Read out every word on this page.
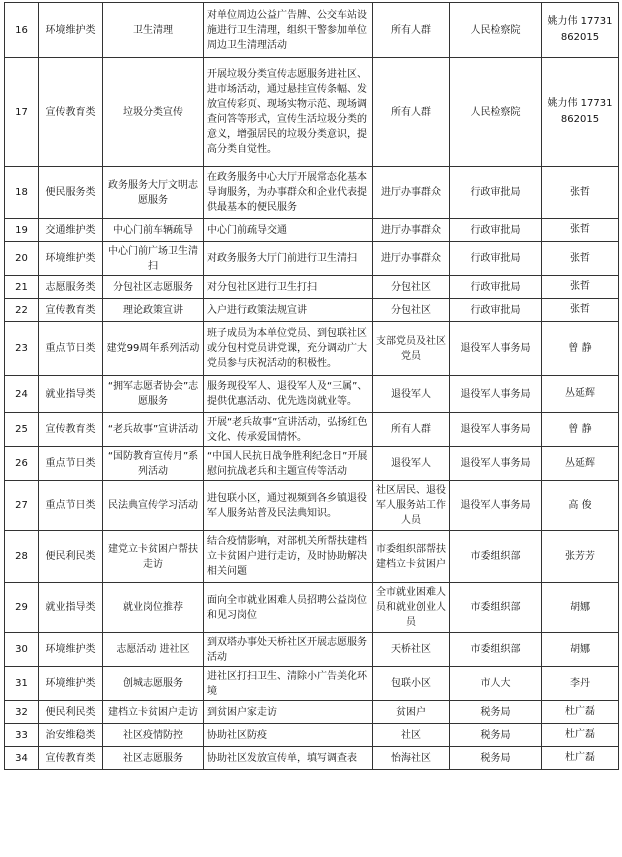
16	环境维护类	卫生清理	对单位周边公益广告牌、公交车站设施进行卫生清理，组织干警参加单位周边卫生清理活动	所有人群	人民检察院	姚力伟 17731862015
17	宣传教育类	垃圾分类宣传	开展垃圾分类宣传志愿服务进社区、进市场活动，通过悬挂宣传条幅、发放宣传彩页、现场实物示范、现场调查问答等形式，宣传生活垃圾分类的意义，增强居民的垃圾分类意识，提高分类自觉性。	所有人群	人民检察院	姚力伟 17731862015
18	便民服务类	政务服务大厅文明志愿服务	在政务服务中心大厅开展常态化基本导询服务，为办事群众和企业代表提供最基本的便民服务	进厅办事群众	行政审批局	张哲
19	交通维护类	中心门前车辆疏导	中心门前疏导交通	进厅办事群众	行政审批局	张哲
20	环境维护类	中心门前广场卫生清扫	对政务服务大厅门前进行卫生清扫	进厅办事群众	行政审批局	张哲
21	志愿服务类	分包社区志愿服务	对分包社区进行卫生打扫	分包社区	行政审批局	张哲
22	宣传教育类	理论政策宣讲	入户进行政策法规宣讲	分包社区	行政审批局	张哲
23	重点节日类	建党99周年系列活动	班子成员为本单位党员、到包联社区或分包村党员讲党课，充分调动广大党员参与庆祝活动的积极性。	支部党员及社区党员	退役军人事务局	曾 静
24	就业指导类	“拥军志愿者协会”志愿服务	服务现役军人、退役军人及“三属”、提供优惠活动、优先选岗就业等。	退役军人	退役军人事务局	丛延辉
25	宣传教育类	“老兵故事”宣讲活动	开展“老兵故事”宣讲活动，弘扬红色文化、传承爱国情怀。	所有人群	退役军人事务局	曾 静
26	重点节日类	“国防教育宣传月”系列活动	“中国人民抗日战争胜利纪念日”开展慰问抗战老兵和主题宣传等活动	退役军人	退役军人事务局	丛延辉
27	重点节日类	民法典宣传学习活动	进包联小区，通过视频到各乡镇退役军人服务站普及民法典知识。	社区居民、退役军人服务站工作人员	退役军人事务局	高 俊
28	便民利民类	建党立卡贫困户帮扶走访	结合疫情影响，对部机关所帮扶建档立卡贫困户进行走访，及时协助解决相关问题	市委组织部帮扶建档立卡贫困户	市委组织部	张芳芳
29	就业指导类	就业岗位推荐	面向全市就业困难人员招聘公益岗位和见习岗位	全市就业困难人员和就业创业人员	市委组织部	胡娜
30	环境维护类	志愿活动 进社区	到双塔办事处天桥社区开展志愿服务活动	天桥社区	市委组织部	胡娜
31	环境维护类	创城志愿服务	进社区打扫卫生、清除小广告美化环境	包联小区	市人大	李丹
32	便民利民类	建档立卡贫困户走访	到贫困户家走访	贫困户	税务局	杜广磊
33	治安维稳类	社区疫情防控	协助社区防疫	社区	税务局	杜广磊
34	宣传教育类	社区志愿服务	协助社区发放宣传单，填写调查表	怡海社区	税务局	杜广磊
